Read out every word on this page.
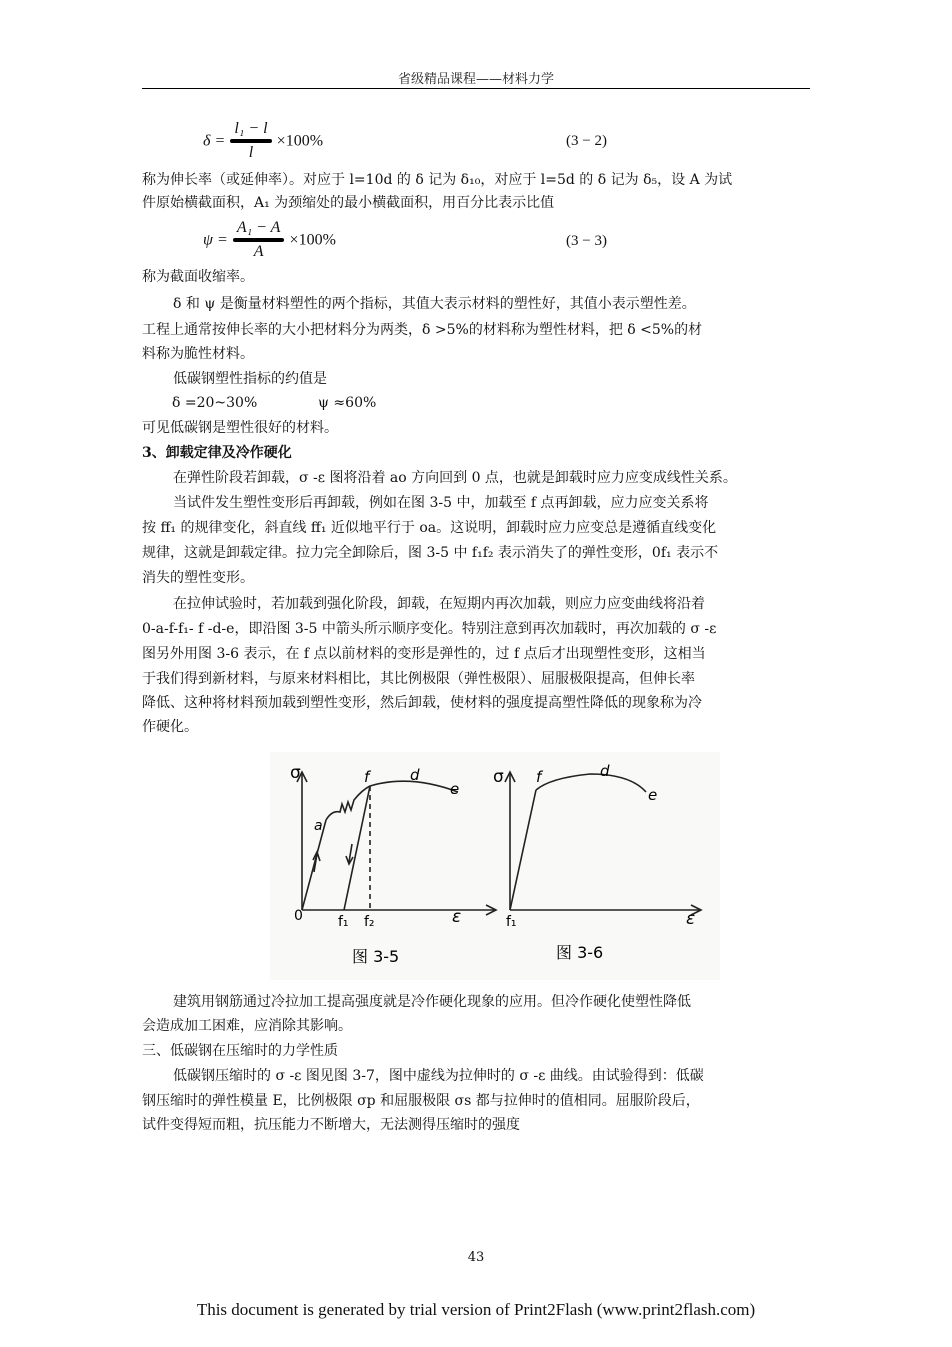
省级精品课程——材料力学
$\delta = \frac{\text{l₁ − l}}{l} \times 100\%$	(3 − 2)
称为伸长率（或延伸率）。对应于 l=10d 的 δ 记为 δ₁₀，对应于 l=5d 的 δ 记为 δ₅，设 A 为试
件原始横截面积，A₁ 为颈缩处的最小横截面积，用百分比表示比值
$\psi = \frac{\text{A₁ − A}}{A} \times 100\%$	(3 − 3)
称为截面收缩率。
δ 和 ψ 是衡量材料塑性的两个指标，其值大表示材料的塑性好，其值小表示塑性差。
工程上通常按伸长率的大小把材料分为两类，δ >5%的材料称为塑性材料，把 δ <5%的材
料称为脆性材料。
低碳钢塑性指标的约值是
δ =20~30%	ψ ≈60%
可见低碳钢是塑性很好的材料。
3、卸载定律及冷作硬化
在弹性阶段若卸载，σ -ε 图将沿着 ao 方向回到 0 点，也就是卸载时应力应变成线性关系。
当试件发生塑性变形后再卸载，例如在图 3-5 中，加载至 f 点再卸载，应力应变关系将
按 ff₁ 的规律变化，斜直线 ff₁ 近似地平行于 oa。这说明，卸载时应力应变总是遵循直线变化
规律，这就是卸载定律。拉力完全卸除后，图 3-5 中 f₁f₂ 表示消失了的弹性变形，0f₁ 表示不
消失的塑性变形。
在拉伸试验时，若加载到强化阶段，卸载，在短期内再次加载，则应力应变曲线将沿着
0-a-f-f₁- f -d-e，即沿图 3-5 中箭头所示顺序变化。特别注意到再次加载时，再次加载的 σ -ε
图另外用图 3-6 表示，在 f 点以前材料的变形是弹性的，过 f 点后才出现塑性变形，这相当
于我们得到新材料，与原来材料相比，其比例极限（弹性极限）、屈服极限提高，但伸长率
降低、这种将材料预加载到塑性变形，然后卸载，使材料的强度提高塑性降低的现象称为冷
作硬化。
σ
ε
0	f₁ f₂
a
f	d
e
图 3-5
σ
ε
f₁
f	d
e
图 3-6
建筑用钢筋通过冷拉加工提高强度就是冷作硬化现象的应用。但冷作硬化使塑性降低
会造成加工困难，应消除其影响。
三、低碳钢在压缩时的力学性质
低碳钢压缩时的 σ -ε 图见图 3-7，图中虚线为拉伸时的 σ -ε 曲线。由试验得到：低碳
钢压缩时的弹性模量 E，比例极限 σp 和屈服极限 σs 都与拉伸时的值相同。屈服阶段后，
试件变得短而粗，抗压能力不断增大，无法测得压缩时的强度
43
This document is generated by trial version of Print2Flash (www.print2flash.com)
